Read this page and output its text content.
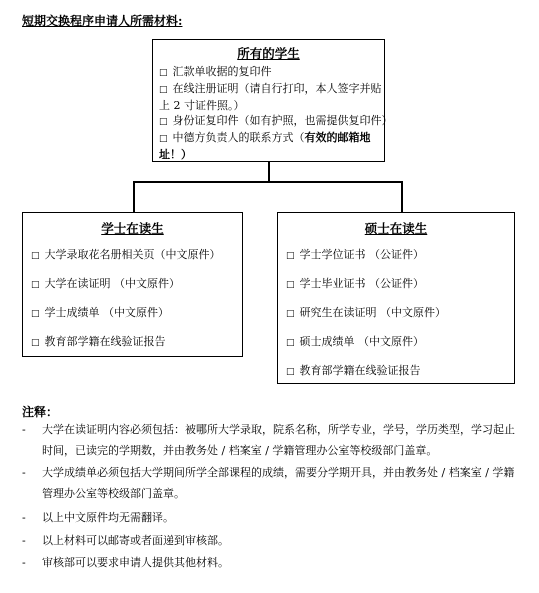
短期交换程序申请人所需材料:
所有的学生
□ 汇款单收据的复印件
□ 在线注册证明（请自行打印，本人签字并贴
上 2 寸证件照。）
□ 身份证复印件（如有护照，也需提供复印件）
□ 中德方负责人的联系方式（有效的邮箱地
址！）
学士在读生
□ 大学录取花名册相关页（中文原件）
□ 大学在读证明 （中文原件）
□ 学士成绩单 （中文原件）
□ 教育部学籍在线验证报告
硕士在读生
□ 学士学位证书 （公证件）
□ 学士毕业证书 （公证件）
□ 研究生在读证明 （中文原件）
□ 硕士成绩单 （中文原件）
□ 教育部学籍在线验证报告
注释：
-	大学在读证明内容必须包括：被哪所大学录取，院系名称，所学专业，学号，学历类型，学习起止时间，已读完的学期数，并由教务处 / 档案室 / 学籍管理办公室等校级部门盖章。
-	大学成绩单必须包括大学期间所学全部课程的成绩，需要分学期开具，并由教务处 / 档案室 / 学籍管理办公室等校级部门盖章。
-	以上中文原件均无需翻译。
-	以上材料可以邮寄或者面递到审核部。
-	审核部可以要求申请人提供其他材料。
